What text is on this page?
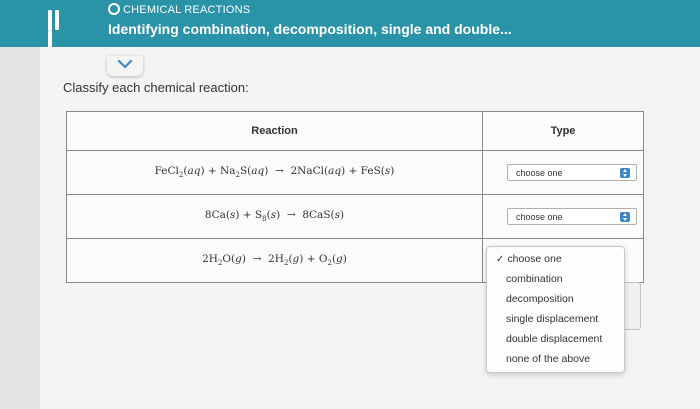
CHEMICAL REACTIONS
Identifying combination, decomposition, single and double...
Classify each chemical reaction:
Reaction	Type
FeCl$_2$(aq) + $Na_2S(aq)$  →  2NaCl(aq) + FeS(s)	choose one

$8Ca(s) + S_8(s) \to 8CaS(s)$	choose one

$2H_2O(g) \to 2H_2(g) + O_2(g)$		✓ choose one
combination
decomposition
single displacement
double displacement
none of the above
